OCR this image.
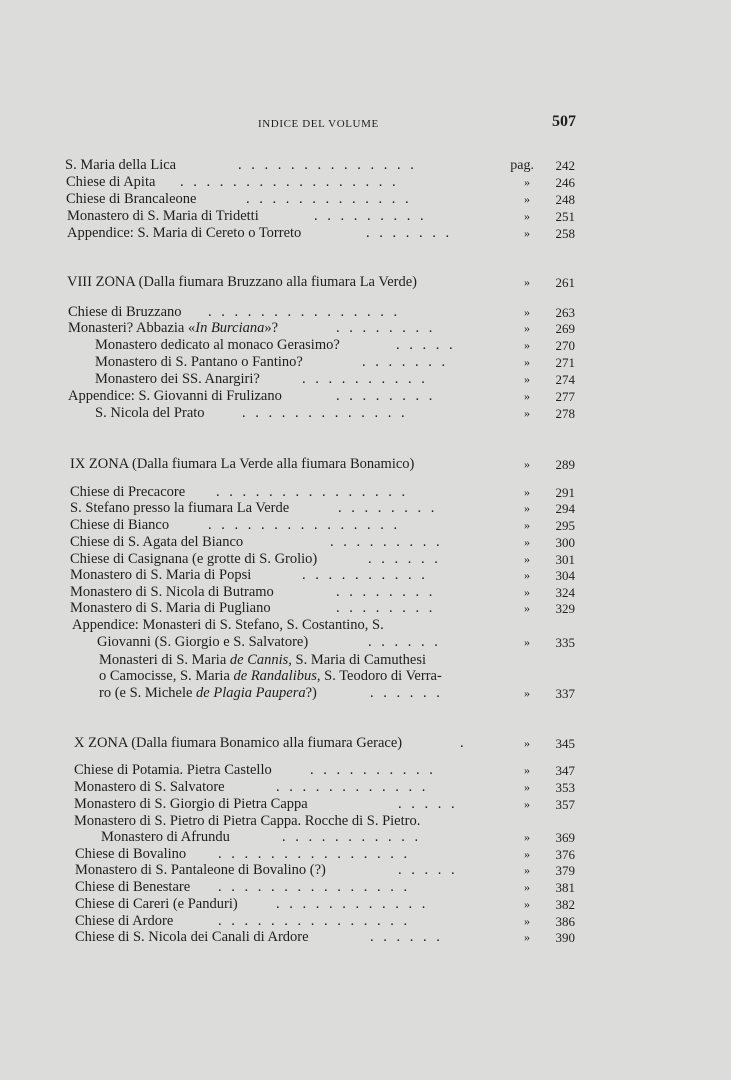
INDICE DEL VOLUME	507
S. Maria della Lica	. . . . . . . . . . . . . .	pag.	242
Chiese di Apita . . . . . . . . . . . . . . . . .	»	246
Chiese di Brancaleone	. . . . . . . . . . . . .	»	248
Monastero di S. Maria di Tridetti	. . . . . . . . .	»	251
Appendice: S. Maria di Cereto o Torreto	. . . . . . .	»	258
VIII ZONA (Dalla fiumara Bruzzano alla fiumara La Verde)	»	261
Chiese di Bruzzano . . . . . . . . . . . . . . .	»	263
Monasteri? Abbazia «In Burciana»?	. . . . . . . .	»	269
Monastero dedicato al monaco Gerasimo?	. . . . .	»	270
Monastero di S. Pantano o Fantino?	. . . . . . .	»	271
Monastero dei SS. Anargiri?	. . . . . . . . . .	»	274
Appendice: S. Giovanni di Frulizano	. . . . . . . .	»	277
S. Nicola del Prato	. . . . . . . . . . . . .	»	278
IX ZONA (Dalla fiumara La Verde alla fiumara Bonamico)	»	289
Chiese di Precacore . . . . . . . . . . . . . . .	»	291
S. Stefano presso la fiumara La Verde	. . . . . . . .	»	294
Chiese di Bianco	. . . . . . . . . . . . . . .	»	295
Chiese di S. Agata del Bianco	. . . . . . . . .	»	300
Chiese di Casignana (e grotte di S. Grolio)	. . . . . .	»	301
Monastero di S. Maria di Popsi	. . . . . . . . . .	»	304
Monastero di S. Nicola di Butramo	. . . . . . . .	»	324
Monastero di S. Maria di Pugliano	. . . . . . . .	»	329
Appendice: Monasteri di S. Stefano, S. Costantino, S.
Giovanni (S. Giorgio e S. Salvatore)	. . . . . .	»	335
Monasteri di S. Maria de Cannis, S. Maria di Camuthesi
o Camocisse, S. Maria de Randalibus, S. Teodoro di Verra-
ro (e S. Michele de Plagia Paupera?)	. . . . . .	»	337
X ZONA (Dalla fiumara Bonamico alla fiumara Gerace)	.	»	345
Chiese di Potamia. Pietra Castello	. . . . . . . . . .	»	347
Monastero di S. Salvatore	. . . . . . . . . . . .	»	353
Monastero di S. Giorgio di Pietra Cappa	. . . . .	»	357
Monastero di S. Pietro di Pietra Cappa. Rocche di S. Pietro.
Monastero di Afrundu	. . . . . . . . . . .	»	369
Chiese di Bovalino . . . . . . . . . . . . . . .	»	376
Monastero di S. Pantaleone di Bovalino (?)	. . . . .	»	379
Chiese di Benestare . . . . . . . . . . . . . . .	»	381
Chiese di Careri (e Panduri)	. . . . . . . . . . . .	»	382
Chiese di Ardore	. . . . . . . . . . . . . . .	»	386
Chiese di S. Nicola dei Canali di Ardore	. . . . . .	»	390
